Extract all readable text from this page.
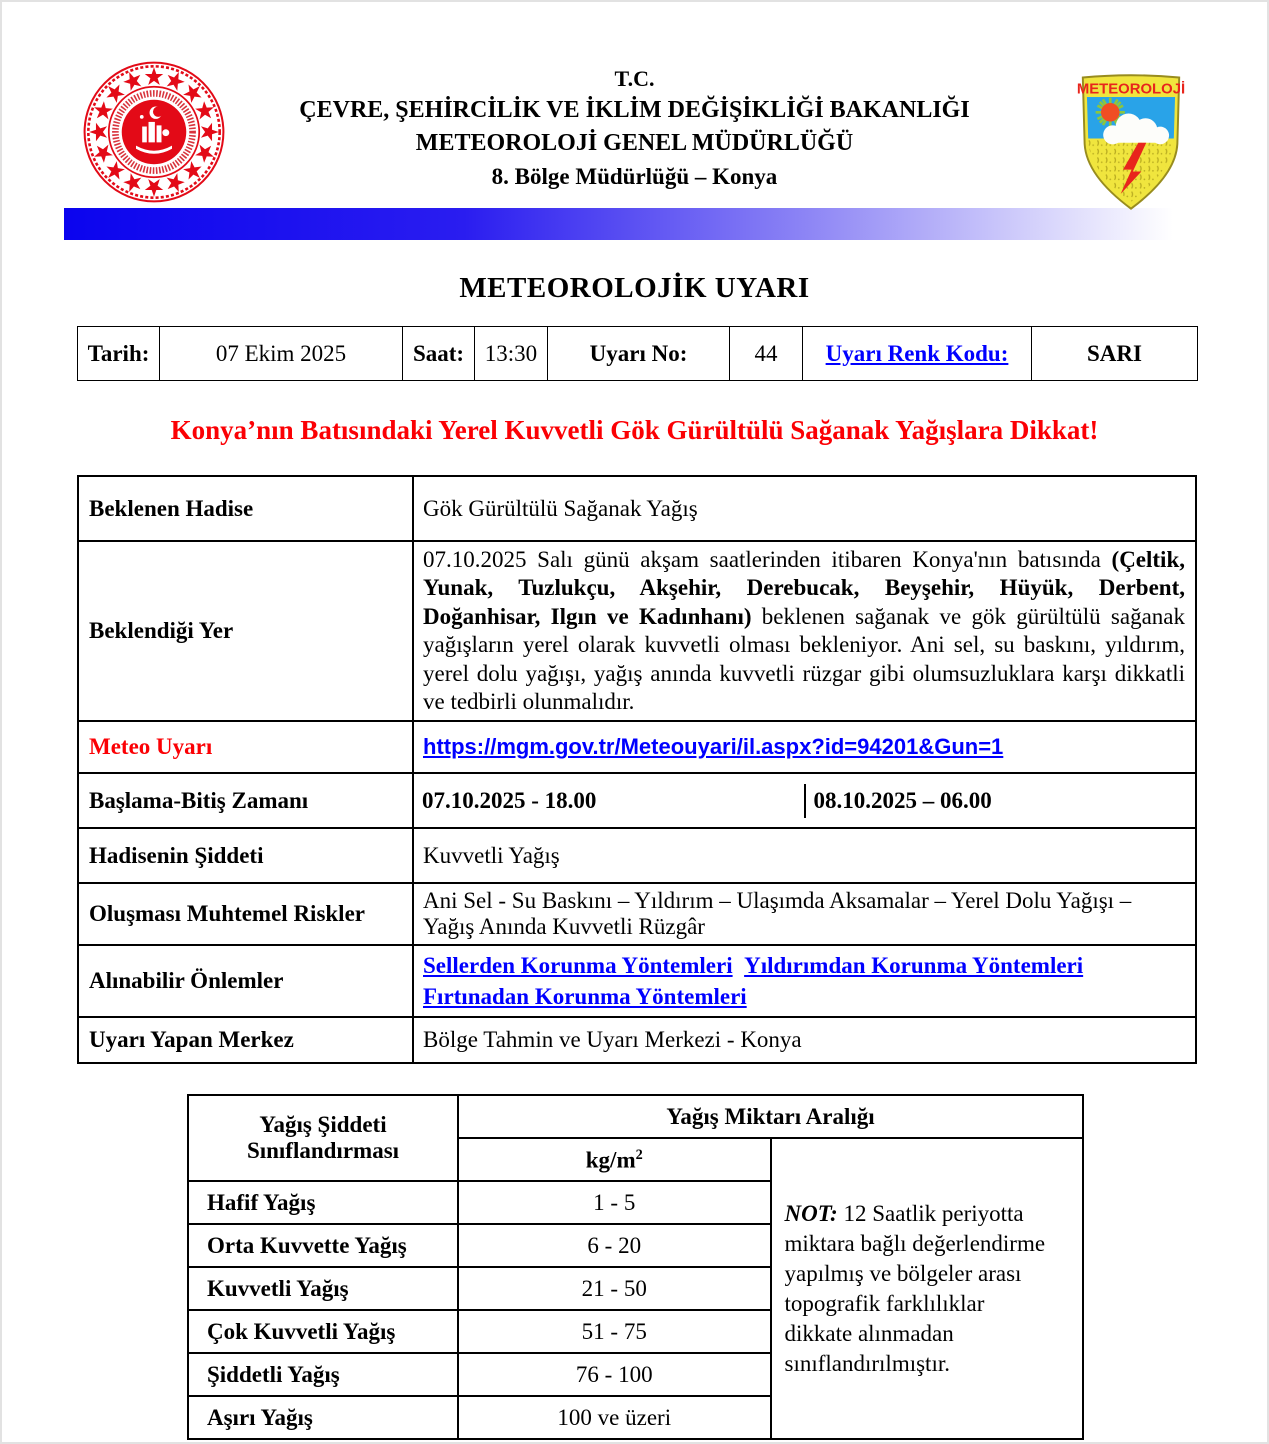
T.C.
ÇEVRE, ŞEHİRCİLİK VE İKLİM DEĞİŞİKLİĞİ BAKANLIĞI
METEOROLOJİ GENEL MÜDÜRLÜĞÜ
8. Bölge Müdürlüğü – Konya
METEOROLOJİ
METEOROLOJİK UYARI
Tarih:	07 Ekim 2025	Saat:	13:30	Uyarı No:	44	Uyarı Renk Kodu:	SARI
Konya’nın Batısındaki Yerel Kuvvetli Gök Gürültülü Sağanak Yağışlara Dikkat!
Beklenen Hadise	Gök Gürültülü Sağanak Yağış
Beklendiği Yer	07.10.2025 Salı günü akşam saatlerinden itibaren Konya'nın batısında (Çeltik, Yunak, Tuzlukçu, Akşehir, Derebucak, Beyşehir, Hüyük, Derbent, Doğanhisar, Ilgın ve Kadınhanı) beklenen sağanak ve gök gürültülü sağanak yağışların yerel olarak kuvvetli olması bekleniyor. Ani sel, su baskını, yıldırım, yerel dolu yağışı, yağış anında kuvvetli rüzgar gibi olumsuzluklara karşı dikkatli ve tedbirli olunmalıdır.
Meteo Uyarı	https://mgm.gov.tr/Meteouyari/il.aspx?id=94201&Gun=1
Başlama-Bitiş Zamanı	07.10.2025 - 18.00 08.10.2025 – 06.00

Hadisenin Şiddeti	Kuvvetli Yağış
Oluşması Muhtemel Riskler	Ani Sel - Su Baskını – Yıldırım – Ulaşımda Aksamalar – Yerel Dolu Yağışı – Yağış Anında Kuvvetli Rüzgâr
Alınabilir Önlemler	Sellerden Korunma Yöntemleri Yıldırımdan Korunma Yöntemleri Fırtınadan Korunma Yöntemleri
Uyarı Yapan Merkez	Bölge Tahmin ve Uyarı Merkezi - Konya
Yağış Şiddeti Sınıflandırması	Yağış Miktarı Aralığı	
	$kg/m^2$	NOT: 12 Saatlik periyotta miktara bağlı değerlendirme yapılmış ve bölgeler arası topografik farklılıklar dikkate alınmadan sınıflandırılmıştır.
Hafif Yağış	1 - 5	
Orta Kuvvette Yağış	6 - 20	
Kuvvetli Yağış	21 - 50	
Çok Kuvvetli Yağış	51 - 75	
Şiddetli Yağış	76 - 100	
Aşırı Yağış	100 ve üzeri	
